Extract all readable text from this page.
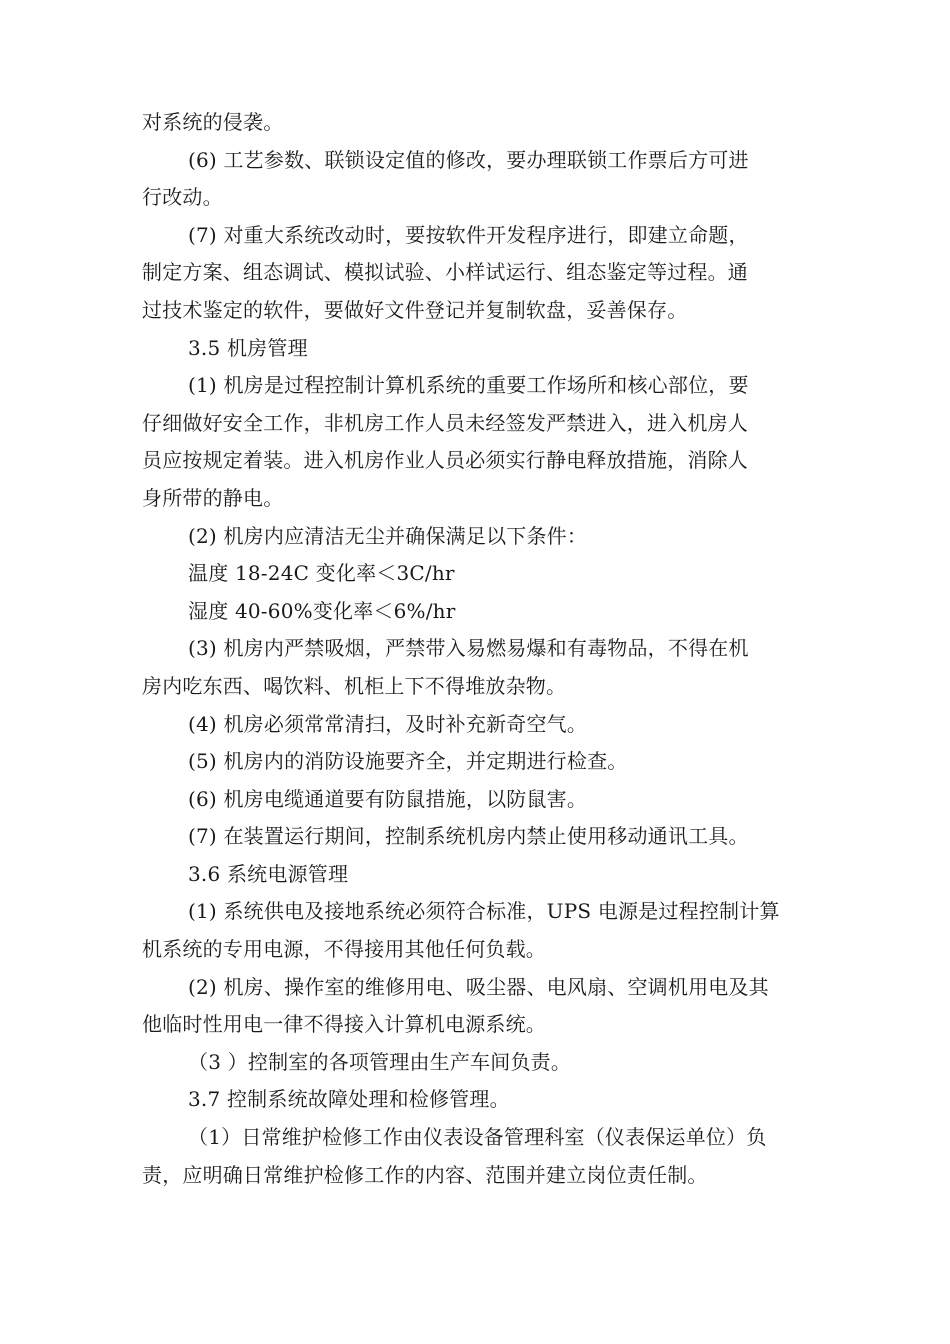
对系统的侵袭。
(6) 工艺参数、联锁设定值的修改，要办理联锁工作票后方可进
行改动。
(7) 对重大系统改动时，要按软件开发程序进行，即建立命题，
制定方案、组态调试、模拟试验、小样试运行、组态鉴定等过程。通
过技术鉴定的软件，要做好文件登记并复制软盘，妥善保存。
3.5 机房管理
(1) 机房是过程控制计算机系统的重要工作场所和核心部位，要
仔细做好安全工作，非机房工作人员未经签发严禁进入，进入机房人
员应按规定着装。进入机房作业人员必须实行静电释放措施，消除人
身所带的静电。
(2) 机房内应清洁无尘并确保满足以下条件：
温度 18-24C 变化率＜3C/hr
湿度 40-60%变化率＜6%/hr
(3) 机房内严禁吸烟，严禁带入易燃易爆和有毒物品，不得在机
房内吃东西、喝饮料、机柜上下不得堆放杂物。
(4) 机房必须常常清扫，及时补充新奇空气。
(5) 机房内的消防设施要齐全，并定期进行检查。
(6) 机房电缆通道要有防鼠措施，以防鼠害。
(7) 在装置运行期间，控制系统机房内禁止使用移动通讯工具。
3.6 系统电源管理
(1) 系统供电及接地系统必须符合标准，UPS 电源是过程控制计算
机系统的专用电源，不得接用其他任何负载。
(2) 机房、操作室的维修用电、吸尘器、电风扇、空调机用电及其
他临时性用电一律不得接入计算机电源系统。
（3 ）控制室的各项管理由生产车间负责。
3.7 控制系统故障处理和检修管理。
（1）日常维护检修工作由仪表设备管理科室（仪表保运单位）负
责，应明确日常维护检修工作的内容、范围并建立岗位责任制。
